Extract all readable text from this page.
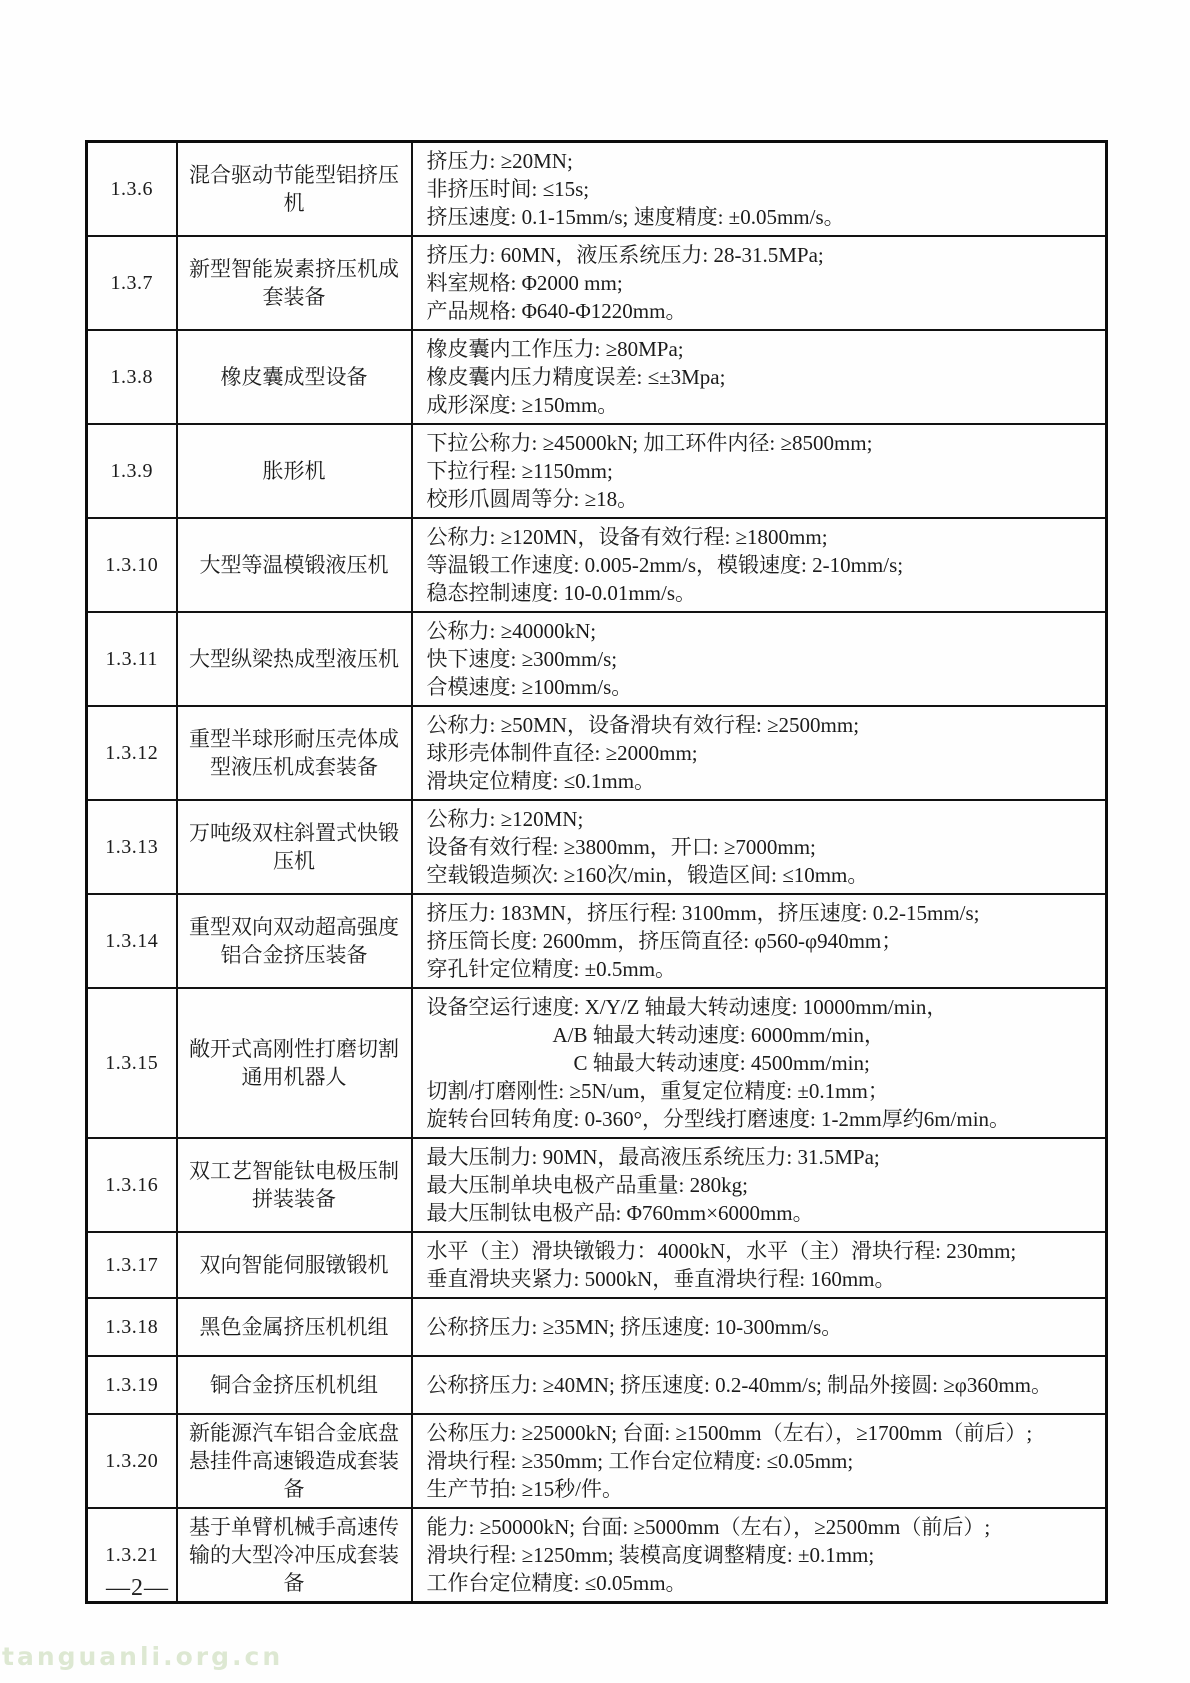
1.3.6	混合驱动节能型铝挤压机	挤压力: ≥20MN;
非挤压时间: ≤15s;
挤压速度: 0.1-15mm/s; 速度精度: ±0.05mm/s。

1.3.7	新型智能炭素挤压机成套装备	挤压力: 60MN，液压系统压力: 28-31.5MPa;
料室规格: Φ2000 mm;
产品规格: Φ640-Φ1220mm。

1.3.8	橡皮囊成型设备	橡皮囊内工作压力: ≥80MPa;
橡皮囊内压力精度误差: ≤±3Mpa;
成形深度: ≥150mm。

1.3.9	胀形机	下拉公称力: ≥45000kN; 加工环件内径: ≥8500mm;
下拉行程: ≥1150mm;
校形爪圆周等分: ≥18。

1.3.10	大型等温模锻液压机	公称力: ≥120MN，设备有效行程: ≥1800mm;
等温锻工作速度: 0.005-2mm/s，模锻速度: 2-10mm/s;
稳态控制速度: 10-0.01mm/s。

1.3.11	大型纵梁热成型液压机	公称力: ≥40000kN;
快下速度: ≥300mm/s;
合模速度: ≥100mm/s。

1.3.12	重型半球形耐压壳体成型液压机成套装备	公称力: ≥50MN，设备滑块有效行程: ≥2500mm;
球形壳体制件直径: ≥2000mm;
滑块定位精度: ≤0.1mm。

1.3.13	万吨级双柱斜置式快锻压机	公称力: ≥120MN;
设备有效行程: ≥3800mm，开口: ≥7000mm;
空载锻造频次: ≥160次/min，锻造区间: ≤10mm。

1.3.14	重型双向双动超高强度铝合金挤压装备	挤压力: 183MN，挤压行程: 3100mm，挤压速度: 0.2-15mm/s;
挤压筒长度: 2600mm，挤压筒直径: φ560-φ940mm；
穿孔针定位精度: ±0.5mm。

1.3.15	敞开式高刚性打磨切割通用机器人	设备空运行速度: X/Y/Z 轴最大转动速度: 10000mm/min，
　　　　　　A/B 轴最大转动速度: 6000mm/min，
　　　　　　　C 轴最大转动速度: 4500mm/min;
切割/打磨刚性: ≥5N/um，重复定位精度: ±0.1mm；
旋转台回转角度: 0-360°，分型线打磨速度: 1-2mm厚约6m/min。

1.3.16	双工艺智能钛电极压制拼装装备	最大压制力: 90MN，最高液压系统压力: 31.5MPa;
最大压制单块电极产品重量: 280kg;
最大压制钛电极产品: Φ760mm×6000mm。

1.3.17	双向智能伺服镦锻机	水平（主）滑块镦锻力：4000kN，水平（主）滑块行程: 230mm;
垂直滑块夹紧力: 5000kN，垂直滑块行程: 160mm。

1.3.18	黑色金属挤压机机组	公称挤压力: ≥35MN; 挤压速度: 10-300mm/s。

1.3.19	铜合金挤压机机组	公称挤压力: ≥40MN; 挤压速度: 0.2-40mm/s; 制品外接圆: ≥φ360mm。

1.3.20	新能源汽车铝合金底盘悬挂件高速锻造成套装备	公称压力: ≥25000kN; 台面: ≥1500mm（左右），≥1700mm（前后）;
滑块行程: ≥350mm; 工作台定位精度: ≤0.05mm;
生产节拍: ≥15秒/件。

1.3.21	基于单臂机械手高速传输的大型冷冲压成套装备	能力: ≥50000kN; 台面: ≥5000mm（左右），≥2500mm（前后）;
滑块行程: ≥1250mm; 装模高度调整精度: ±0.1mm;
工作台定位精度: ≤0.05mm。
—2—
tanguanli.org.cn
